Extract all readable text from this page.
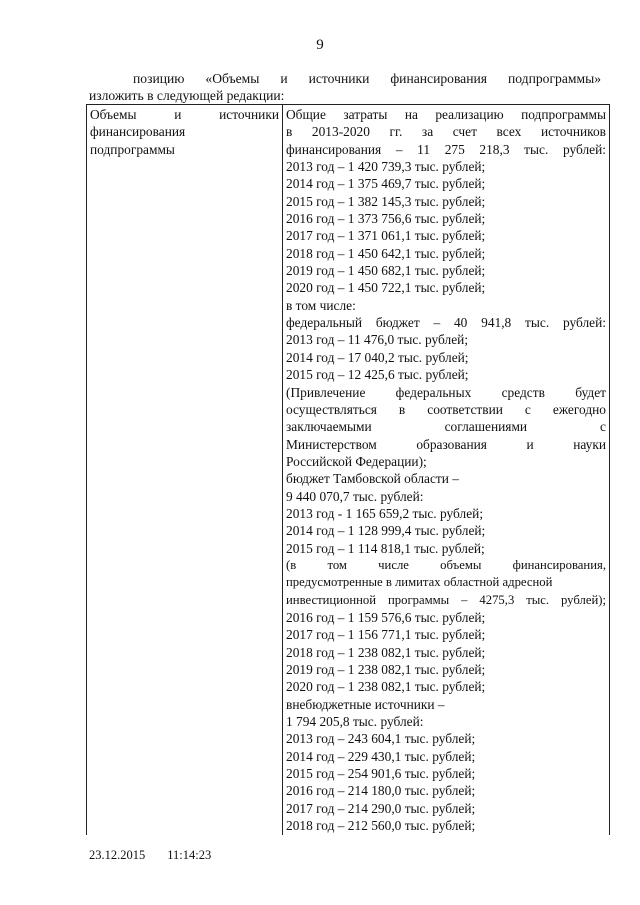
9
позицию «Объемы и источники финансирования подпрограммы»
изложить в следующей редакции:
Объемы и источники
финансирования
подпрограммы

Общие затраты на реализацию подпрограммы
в 2013-2020 гг. за счет всех источников
финансирования – 11 275 218,3 тыс. рублей:
2013 год – 1 420 739,3 тыс. рублей;
2014 год – 1 375 469,7 тыс. рублей;
2015 год – 1 382 145,3 тыс. рублей;
2016 год – 1 373 756,6 тыс. рублей;
2017 год – 1 371 061,1 тыс. рублей;
2018 год – 1 450 642,1 тыс. рублей;
2019 год – 1 450 682,1 тыс. рублей;
2020 год – 1 450 722,1 тыс. рублей;
в том числе:
федеральный бюджет – 40 941,8 тыс. рублей:
2013 год – 11 476,0 тыс. рублей;
2014 год – 17 040,2 тыс. рублей;
2015 год – 12 425,6 тыс. рублей;
(Привлечение федеральных средств будет
осуществляться в соответствии с ежегодно
заключаемыми соглашениями с
Министерством образования и науки
Российской Федерации);
бюджет Тамбовской области –
9 440 070,7 тыс. рублей:
2013 год - 1 165 659,2 тыс. рублей;
2014 год – 1 128 999,4 тыс. рублей;
2015 год – 1 114 818,1 тыс. рублей;
(в том числе объемы финансирования,
предусмотренные в лимитах областной адресной
инвестиционной программы – 4275,3 тыс. рублей);
2016 год – 1 159 576,6 тыс. рублей;
2017 год – 1 156 771,1 тыс. рублей;
2018 год – 1 238 082,1 тыс. рублей;
2019 год – 1 238 082,1 тыс. рублей;
2020 год – 1 238 082,1 тыс. рублей;
внебюджетные источники –
1 794 205,8 тыс. рублей:
2013 год – 243 604,1 тыс. рублей;
2014 год – 229 430,1 тыс. рублей;
2015 год – 254 901,6 тыс. рублей;
2016 год – 214 180,0 тыс. рублей;
2017 год – 214 290,0 тыс. рублей;
2018 год – 212 560,0 тыс. рублей;
23.12.2015 11:14:23
